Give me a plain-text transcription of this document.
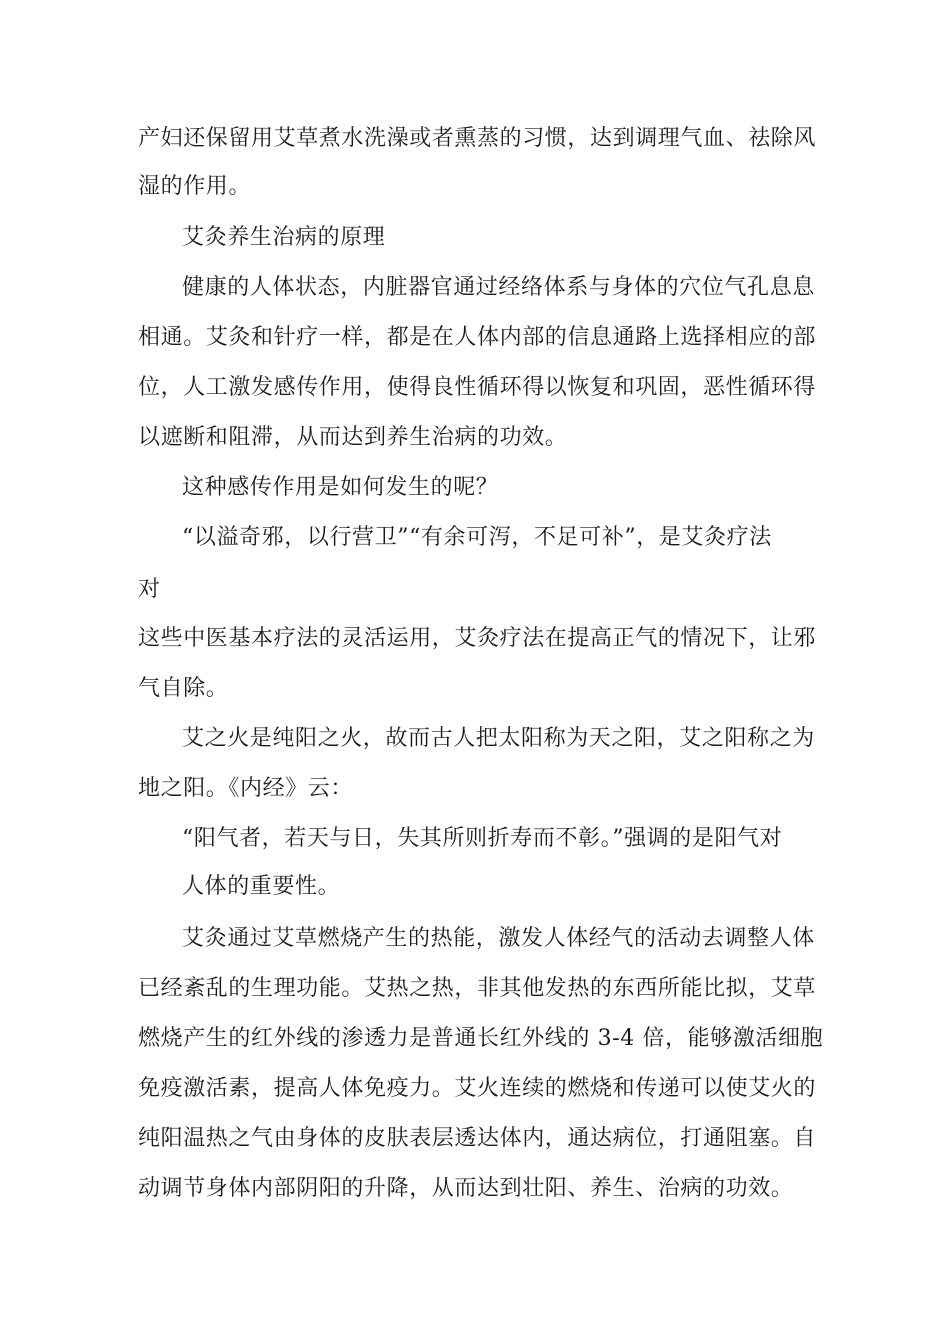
产妇还保留用艾草煮水洗澡或者熏蒸的习惯，达到调理气血、祛除风
湿的作用。
艾灸养生治病的原理
健康的人体状态，内脏器官通过经络体系与身体的穴位气孔息息
相通。艾灸和针疗一样，都是在人体内部的信息通路上选择相应的部
位，人工激发感传作用，使得良性循环得以恢复和巩固，恶性循环得
以遮断和阻滞，从而达到养生治病的功效。
这种感传作用是如何发生的呢？
“以溢奇邪，以行营卫”“有余可泻，不足可补”，是艾灸疗法
对
这些中医基本疗法的灵活运用，艾灸疗法在提高正气的情况下，让邪
气自除。
艾之火是纯阳之火，故而古人把太阳称为天之阳，艾之阳称之为
地之阳。《内经》云：
“阳气者，若天与日，失其所则折寿而不彰。”强调的是阳气对
人体的重要性。
艾灸通过艾草燃烧产生的热能，激发人体经气的活动去调整人体
已经紊乱的生理功能。艾热之热，非其他发热的东西所能比拟，艾草
燃烧产生的红外线的渗透力是普通长红外线的 3-4 倍，能够激活细胞
免疫激活素，提高人体免疫力。艾火连续的燃烧和传递可以使艾火的
纯阳温热之气由身体的皮肤表层透达体内，通达病位，打通阻塞。自
动调节身体内部阴阳的升降，从而达到壮阳、养生、治病的功效。
